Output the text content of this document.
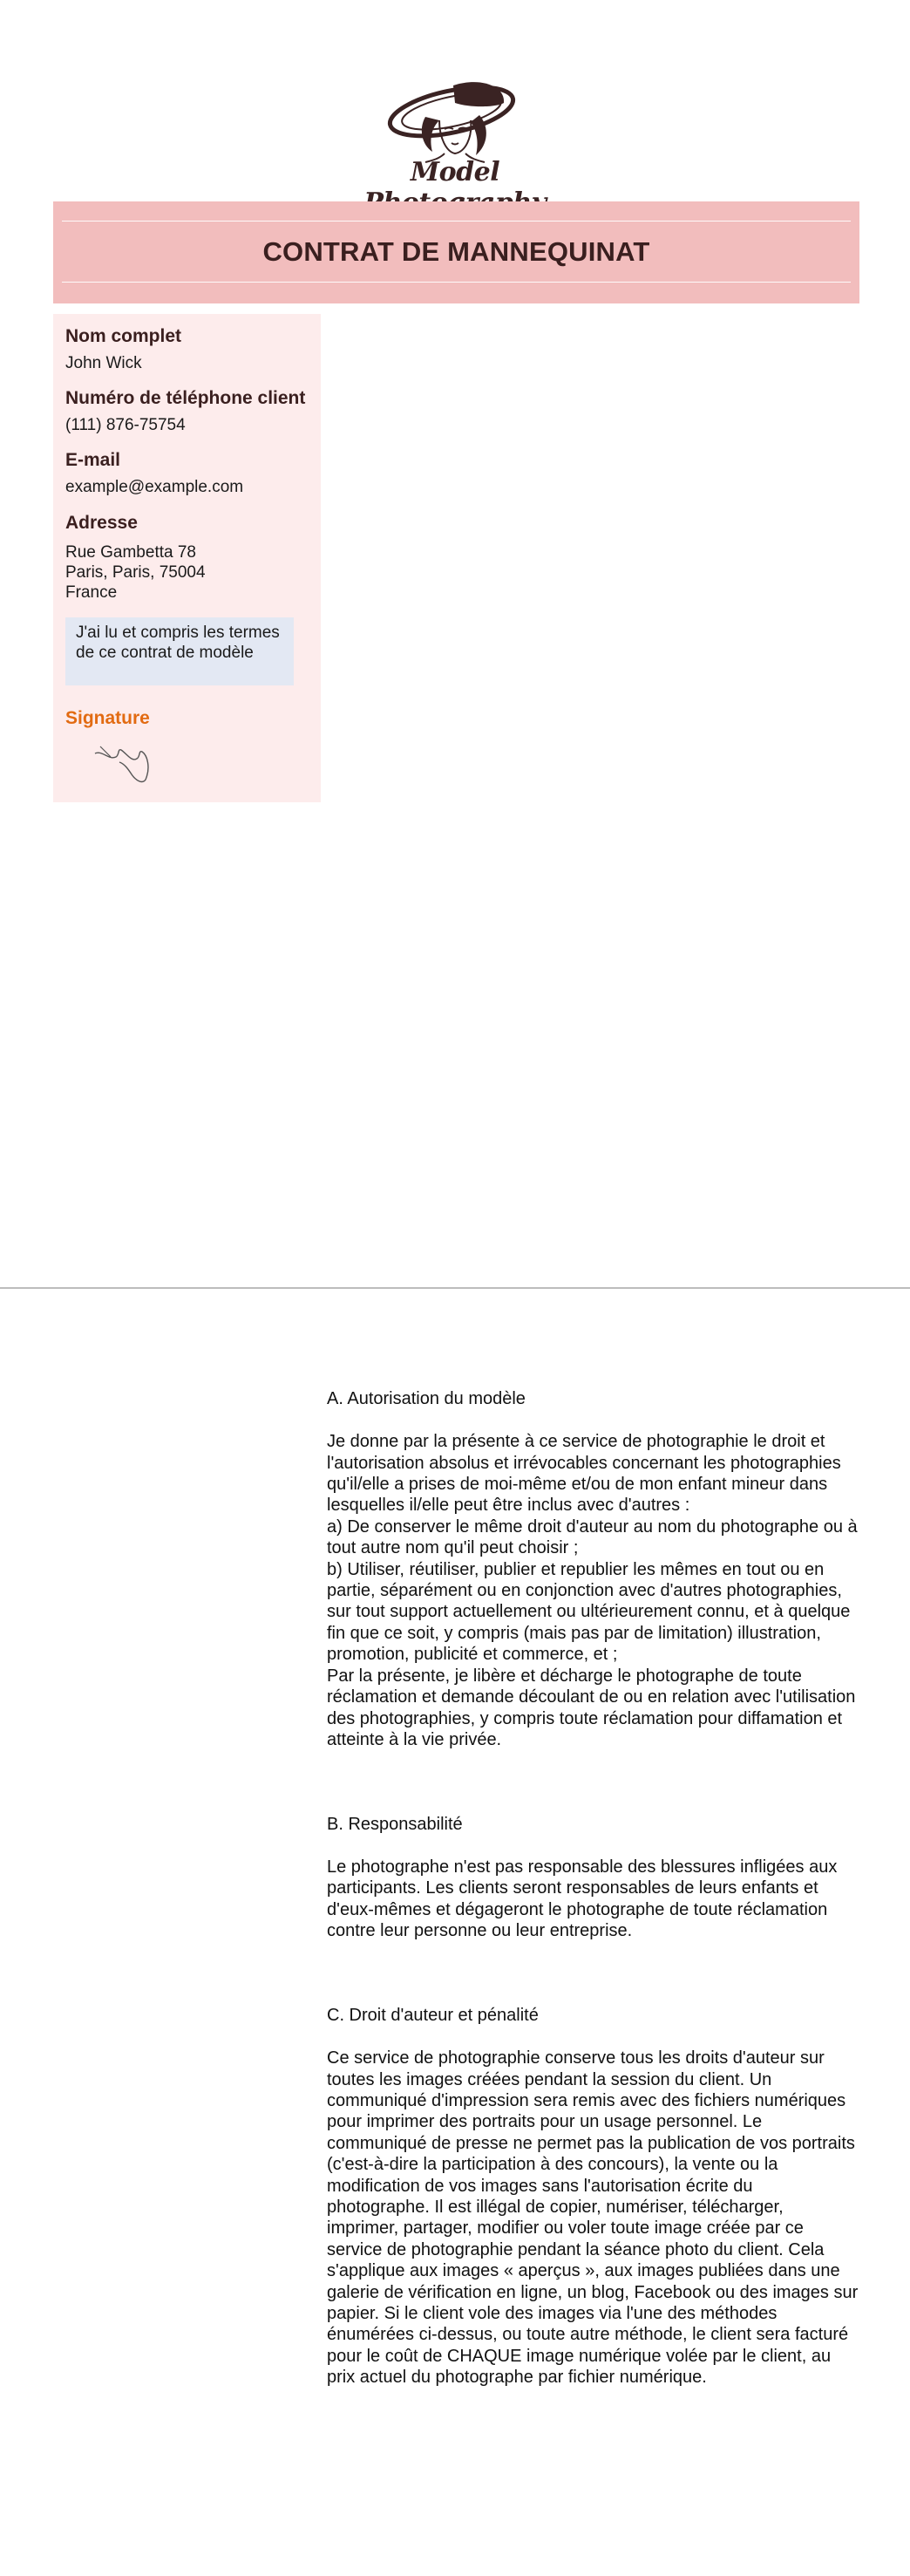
Model
CONTRAT DE MANNEQUINAT
Nom complet
John Wick
Numéro de téléphone client
(111) 876-75754
E-mail
example@example.com
Adresse
Rue Gambetta 78
Paris, Paris, 75004
France
J'ai lu et compris les termes de ce contrat de modèle
Signature

A. Autorisation du modèle

Je donne par la présente à ce service de photographie le droit et l'autorisation absolus et irrévocables concernant les photographies qu'il/elle a prises de moi-même et/ou de mon enfant mineur dans lesquelles il/elle peut être inclus avec d'autres :
a) De conserver le même droit d'auteur au nom du photographe ou à tout autre nom qu'il peut choisir ;
b) Utiliser, réutiliser, publier et republier les mêmes en tout ou en partie, séparément ou en conjonction avec d'autres photographies, sur tout support actuellement ou ultérieurement connu, et à quelque fin que ce soit, y compris (mais pas par de limitation) illustration, promotion, publicité et commerce, et ;
Par la présente, je libère et décharge le photographe de toute réclamation et demande découlant de ou en relation avec l'utilisation des photographies, y compris toute réclamation pour diffamation et atteinte à la vie privée.

B. Responsabilité

Le photographe n'est pas responsable des blessures infligées aux participants. Les clients seront responsables de leurs enfants et d'eux-mêmes et dégageront le photographe de toute réclamation contre leur personne ou leur entreprise.

C. Droit d'auteur et pénalité

Ce service de photographie conserve tous les droits d'auteur sur toutes les images créées pendant la session du client. Un communiqué d'impression sera remis avec des fichiers numériques pour imprimer des portraits pour un usage personnel. Le communiqué de presse ne permet pas la publication de vos portraits (c'est-à-dire la participation à des concours), la vente ou la modification de vos images sans l'autorisation écrite du photographe. Il est illégal de copier, numériser, télécharger, imprimer, partager, modifier ou voler toute image créée par ce service de photographie pendant la séance photo du client. Cela s'applique aux images « aperçus », aux images publiées dans une galerie de vérification en ligne, un blog, Facebook ou des images sur papier. Si le client vole des images via l'une des méthodes énumérées ci-dessus, ou toute autre méthode, le client sera facturé pour le coût de CHAQUE image numérique volée par le client, au prix actuel du photographe par fichier numérique.
